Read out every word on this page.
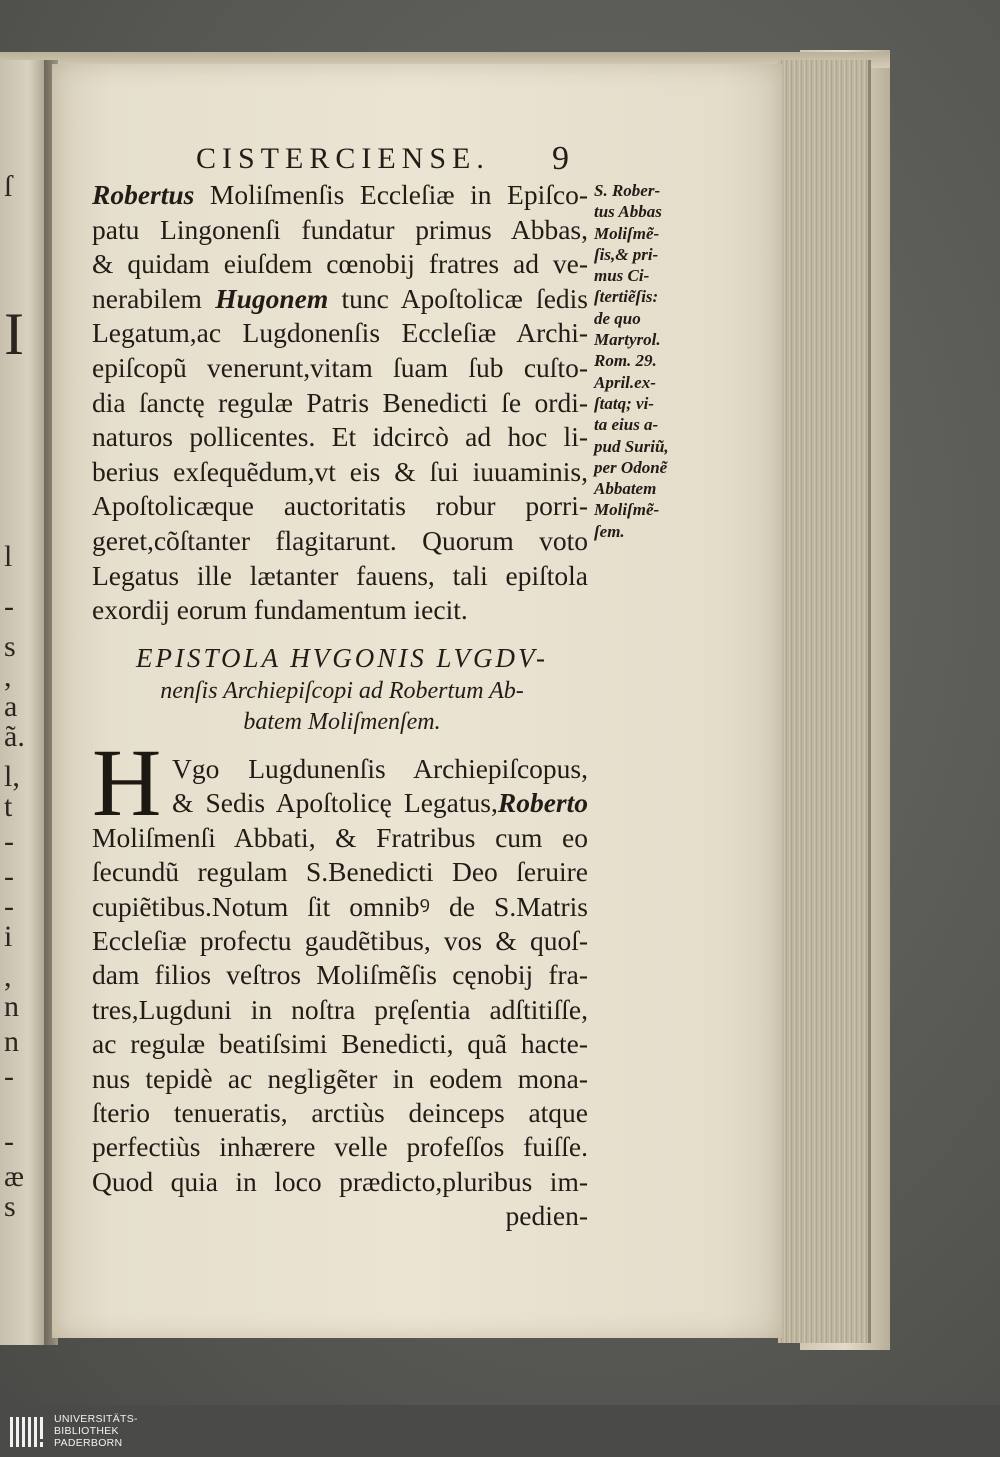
ſ
I
l
-
s
,
a
ã.
l,
t
-
-
-
i
,
n
n
-
-
æ
s
CISTERCIENSE. 9
Robertus Moliſmenſis Eccleſiæ in Epiſco-
patu Lingonenſi fundatur primus Abbas,
& quidam eiuſdem cœnobij fratres ad ve-
nerabilem Hugonem tunc Apoſtolicæ ſedis
Legatum,ac Lugdonenſis Eccleſiæ Archi-
epiſcopũ venerunt,vitam ſuam ſub cuſto-
dia ſanctę regulæ Patris Benedicti ſe ordi-
naturos pollicentes. Et idcircò ad hoc li-
berius exſequẽdum,vt eis & ſui iuuaminis,
Apoſtolicæque auctoritatis robur porri-
geret,cõſtanter flagitarunt. Quorum voto
Legatus ille lætanter fauens, tali epiſtola
exordij eorum fundamentum iecit.
S. Rober-
tus Abbas
Moliſmẽ-
ſis,& pri-
mus Ci-
ſtertiẽſis:
de quo
Martyrol.
Rom. 29.
April.ex-
ſtatq; vi-
ta eius a-
pud Suriũ,
per Odonẽ
Abbatem
Moliſmẽ-
ſem.
EPISTOLA HVGONIS LVGDV-
nenſis Archiepiſcopi ad Robertum Ab-
batem Moliſmenſem.
H Vgo Lugdunenſis Archiepiſcopus,
& Sedis Apoſtolicę Legatus,Roberto
Moliſmenſi Abbati, & Fratribus cum eo
ſecundũ regulam S.Benedicti Deo ſeruire
cupiẽtibus.Notum ſit omnibꝰ de S.Matris
Eccleſiæ profectu gaudẽtibus, vos & quoſ-
dam filios veſtros Moliſmẽſis cęnobij fra-
tres,Lugduni in noſtra pręſentia adſtitiſſe,
ac regulæ beatiſsimi Benedicti, quã hacte-
nus tepidè ac negligẽter in eodem mona-
ſterio tenueratis, arctiùs deinceps atque
perfectiùs inhærere velle profeſſos fuiſſe.
Quod quia in loco prædicto,pluribus im-
pedien-
UNIVERSITÄTS-
BIBLIOTHEK
PADERBORN
